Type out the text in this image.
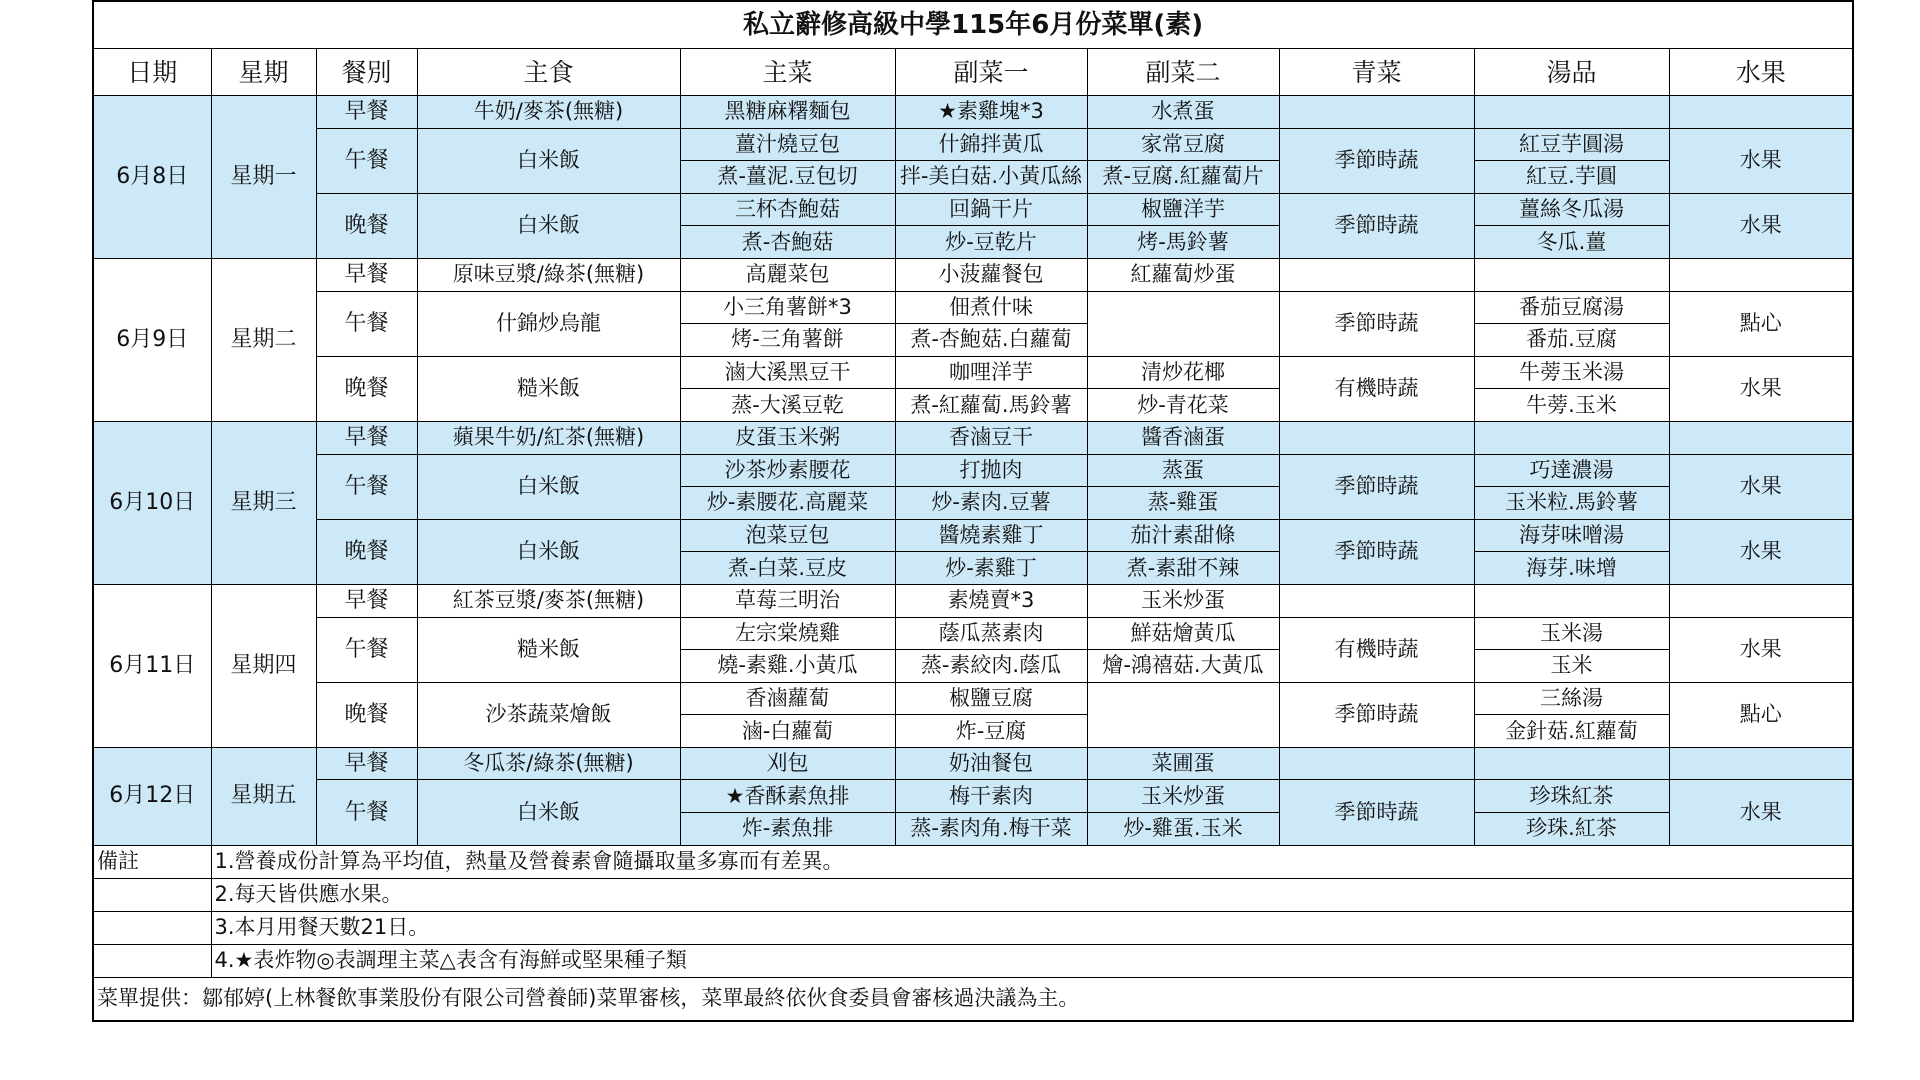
私立辭修高級中學115年6月份菜單(素)									
日期	星期	餐別	主食	主菜	副菜一	副菜二	青菜	湯品	水果
6月8日	星期一	早餐	牛奶/麥茶(無糖)	黑糖麻糬麵包	★素雞塊*3	水煮蛋			
		午餐	白米飯	薑汁燒豆包	什錦拌黃瓜	家常豆腐	季節時蔬	紅豆芋圓湯	水果
				煮-薑泥.豆包切	拌-美白菇.小黃瓜絲	煮-豆腐.紅蘿蔔片		紅豆.芋圓	
		晚餐	白米飯	三杯杏鮑菇	回鍋干片	椒鹽洋芋	季節時蔬	薑絲冬瓜湯	水果
				煮-杏鮑菇	炒-豆乾片	烤-馬鈴薯		冬瓜.薑	
6月9日	星期二	早餐	原味豆漿/綠茶(無糖)	高麗菜包	小菠蘿餐包	紅蘿蔔炒蛋			
		午餐	什錦炒烏龍	小三角薯餅*3	佃煮什味		季節時蔬	番茄豆腐湯	點心
				烤-三角薯餅	煮-杏鮑菇.白蘿蔔			番茄.豆腐	
		晚餐	糙米飯	滷大溪黑豆干	咖哩洋芋	清炒花椰	有機時蔬	牛蒡玉米湯	水果
				蒸-大溪豆乾	煮-紅蘿蔔.馬鈴薯	炒-青花菜		牛蒡.玉米	
6月10日	星期三	早餐	蘋果牛奶/紅茶(無糖)	皮蛋玉米粥	香滷豆干	醬香滷蛋			
		午餐	白米飯	沙茶炒素腰花	打拋肉	蒸蛋	季節時蔬	巧達濃湯	水果
				炒-素腰花.高麗菜	炒-素肉.豆薯	蒸-雞蛋		玉米粒.馬鈴薯	
		晚餐	白米飯	泡菜豆包	醬燒素雞丁	茄汁素甜條	季節時蔬	海芽味噌湯	水果
				煮-白菜.豆皮	炒-素雞丁	煮-素甜不辣		海芽.味增	
6月11日	星期四	早餐	紅茶豆漿/麥茶(無糖)	草莓三明治	素燒賣*3	玉米炒蛋			
		午餐	糙米飯	左宗棠燒雞	蔭瓜蒸素肉	鮮菇燴黃瓜	有機時蔬	玉米湯	水果
				燒-素雞.小黃瓜	蒸-素絞肉.蔭瓜	燴-鴻禧菇.大黃瓜		玉米	
		晚餐	沙茶蔬菜燴飯	香滷蘿蔔	椒鹽豆腐		季節時蔬	三絲湯	點心
				滷-白蘿蔔	炸-豆腐			金針菇.紅蘿蔔	
6月12日	星期五	早餐	冬瓜茶/綠茶(無糖)	刈包	奶油餐包	菜圃蛋			
		午餐	白米飯	★香酥素魚排	梅干素肉	玉米炒蛋	季節時蔬	珍珠紅茶	水果
				炸-素魚排	蒸-素肉角.梅干菜	炒-雞蛋.玉米		珍珠.紅茶	
備註	1.營養成份計算為平均值，熱量及營養素會隨攝取量多寡而有差異。								
	2.每天皆供應水果。								
	3.本月用餐天數21日。								
	4.★表炸物◎表調理主菜△表含有海鮮或堅果種子類								
菜單提供：鄒郁婷(上林餐飲事業股份有限公司營養師)菜單審核，菜單最終依伙食委員會審核過決議為主。									
